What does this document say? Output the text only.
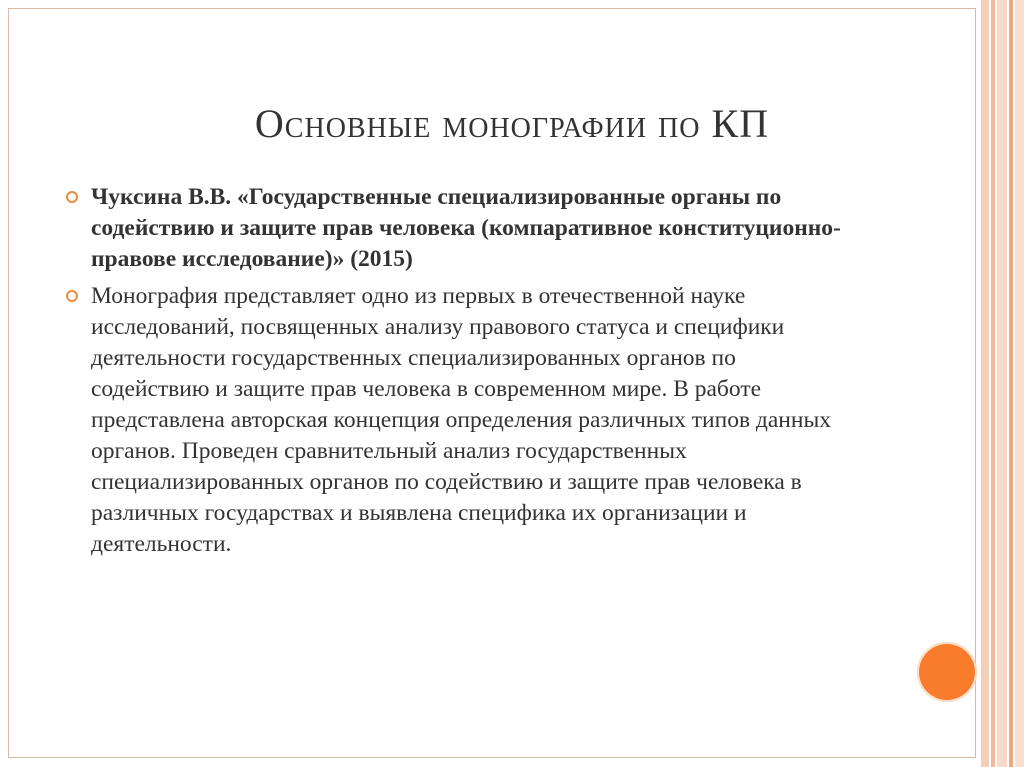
Основные монографии по КП
Чуксина В.В. «Государственные специализированные органы по содействию и защите прав человека (компаративное конституционно-правове исследование)» (2015)
Монография представляет одно из первых в отечественной науке исследований, посвященных анализу правового статуса и специфики деятельности государственных специализированных органов по содействию и защите прав человека в современном мире. В работе представлена авторская концепция определения различных типов данных органов. Проведен сравнительный анализ государственных специализированных органов по содействию и защите прав человека в различных государствах и выявлена специфика их организации и деятельности.
